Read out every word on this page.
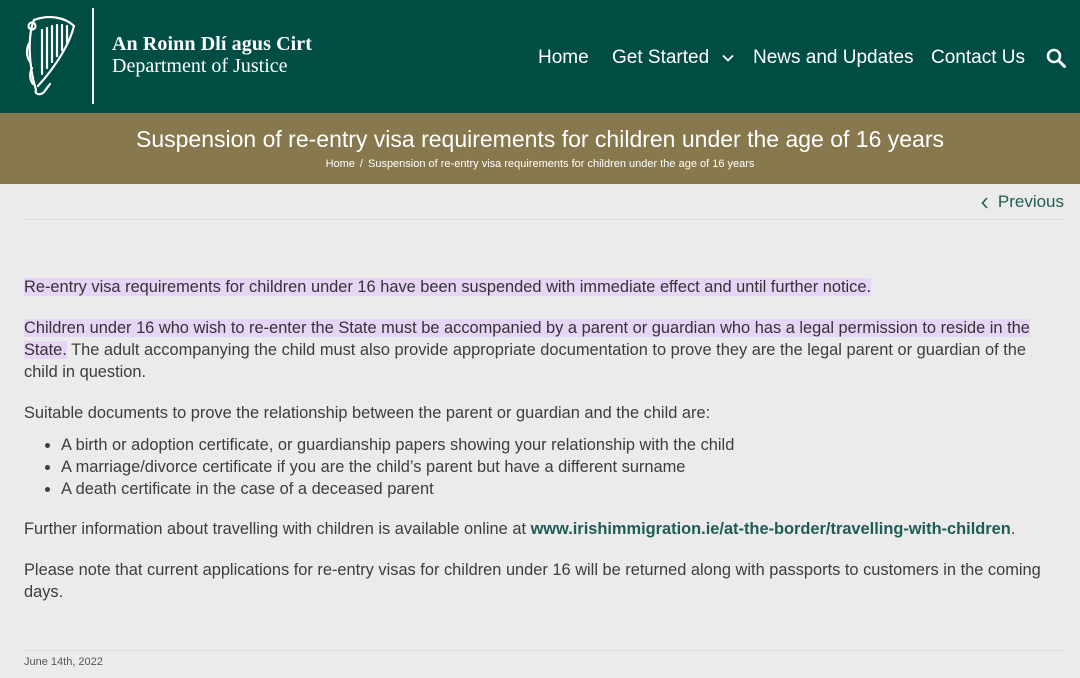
An Roinn Dlí agus Cirt
Department of Justice	Home Get Started	News and Updates Contact Us
Suspension of re-entry visa requirements for children under the age of 16 years
Home / Suspension of re-entry visa requirements for children under the age of 16 years
Previous

Re-entry visa requirements for children under 16 have been suspended with immediate effect and until further notice.

Children under 16 who wish to re-enter the State must be accompanied by a parent or guardian who has a legal permission to reside in the State. The adult accompanying the child must also provide appropriate documentation to prove they are the legal parent or guardian of the child in question.

Suitable documents to prove the relationship between the parent or guardian and the child are:

• A birth or adoption certificate, or guardianship papers showing your relationship with the child
• A marriage/divorce certificate if you are the child’s parent but have a different surname
• A death certificate in the case of a deceased parent

Further information about travelling with children is available online at www.irishimmigration.ie/at-the-border/travelling-with-children.

Please note that current applications for re-entry visas for children under 16 will be returned along with passports to customers in the coming days.

June 14th, 2022
